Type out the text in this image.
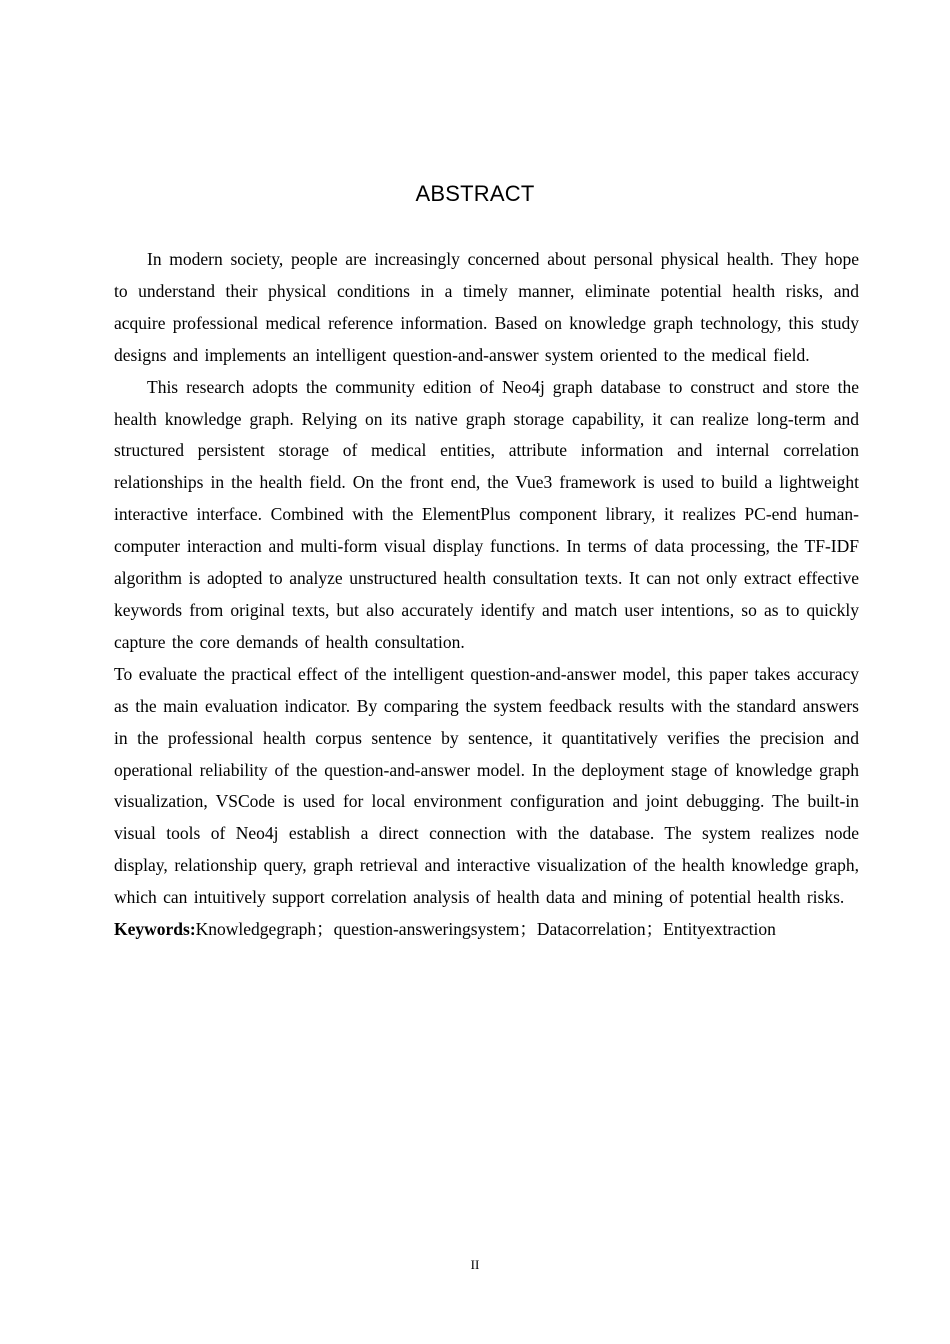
ABSTRACT

In modern society, people are increasingly concerned about personal physical health. They hope to understand their physical conditions in a timely manner, eliminate potential health risks, and acquire professional medical reference information. Based on knowledge graph technology, this study designs and implements an intelligent question-and-answer system oriented to the medical field.

This research adopts the community edition of Neo4j graph database to construct and store the health knowledge graph. Relying on its native graph storage capability, it can realize long-term and structured persistent storage of medical entities, attribute information and internal correlation relationships in the health field. On the front end, the Vue3 framework is used to build a lightweight interactive interface. Combined with the ElementPlus component library, it realizes PC-end human-computer interaction and multi-form visual display functions. In terms of data processing, the TF-IDF algorithm is adopted to analyze unstructured health consultation texts. It can not only extract effective keywords from original texts, but also accurately identify and match user intentions, so as to quickly capture the core demands of health consultation.

To evaluate the practical effect of the intelligent question-and-answer model, this paper takes accuracy as the main evaluation indicator. By comparing the system feedback results with the standard answers in the professional health corpus sentence by sentence, it quantitatively verifies the precision and operational reliability of the question-and-answer model. In the deployment stage of knowledge graph visualization, VSCode is used for local environment configuration and joint debugging. The built-in visual tools of Neo4j establish a direct connection with the database. The system realizes node display, relationship query, graph retrieval and interactive visualization of the health knowledge graph, which can intuitively support correlation analysis of health data and mining of potential health risks.

Keywords:Knowledgegraph；question-answeringsystem；Datacorrelation；Entityextraction

II
